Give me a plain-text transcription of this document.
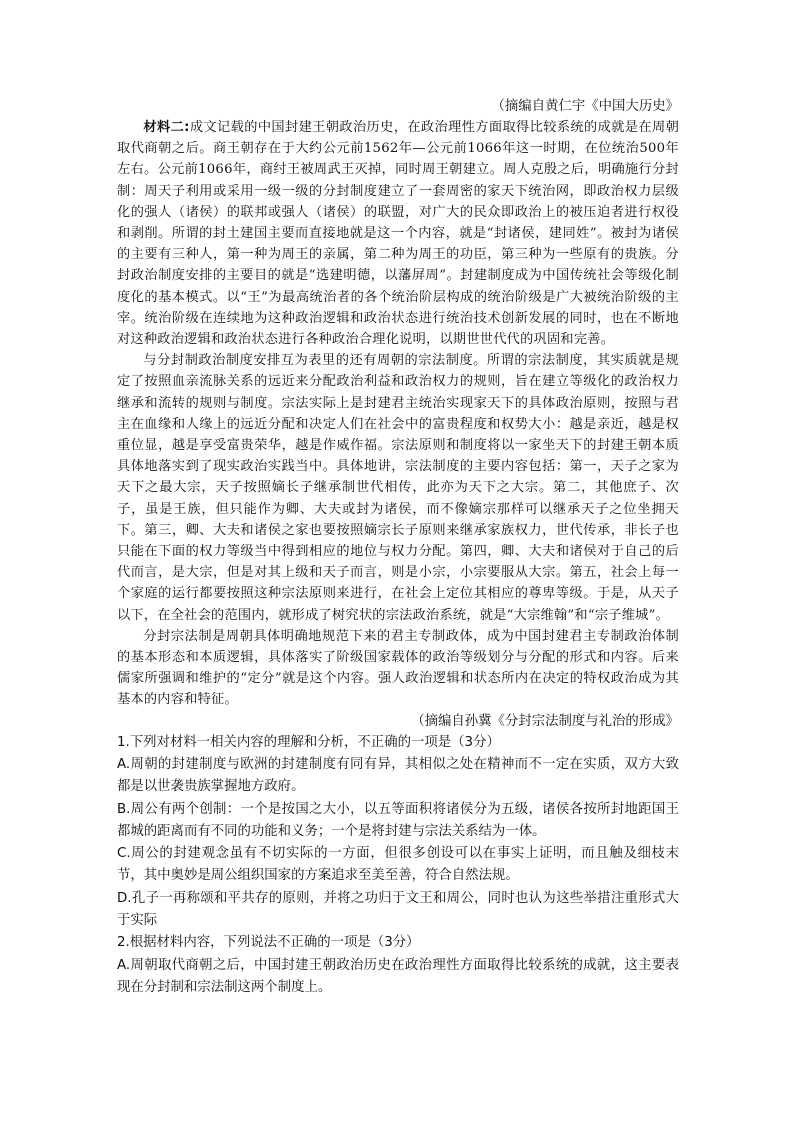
（摘编自黄仁宇《中国大历史》

材料二:成文记载的中国封建王朝政治历史，在政治理性方面取得比较系统的成就是在周朝取代商朝之后。商王朝存在于大约公元前1562年—公元前1066年这一时期，在位统治500年左右。公元前1066年，商纣王被周武王灭掉，同时周王朝建立。周人克殷之后，明确施行分封制：周天子利用或采用一级一级的分封制度建立了一套周密的家天下统治网，即政治权力层级化的强人（诸侯）的联邦或强人（诸侯）的联盟，对广大的民众即政治上的被压迫者进行权役和剥削。所谓的封土建国主要而直接地就是这一个内容，就是“封诸侯，建同姓”。被封为诸侯的主要有三种人，第一种为周王的亲属，第二种为周王的功臣，第三种为一些原有的贵族。分封政治制度安排的主要目的就是“选建明德，以藩屏周”。封建制度成为中国传统社会等级化制度化的基本模式。以“王”为最高统治者的各个统治阶层构成的统治阶级是广大被统治阶级的主宰。统治阶级在连续地为这种政治逻辑和政治状态进行统治技术创新发展的同时，也在不断地对这种政治逻辑和政治状态进行各种政治合理化说明，以期世世代代的巩固和完善。

与分封制政治制度安排互为表里的还有周朝的宗法制度。所谓的宗法制度，其实质就是规定了按照血亲流脉关系的远近来分配政治利益和政治权力的规则，旨在建立等级化的政治权力继承和流转的规则与制度。宗法实际上是封建君主统治实现家天下的具体政治原则，按照与君主在血缘和人缘上的远近分配和决定人们在社会中的富贵程度和权势大小：越是亲近，越是权重位显，越是享受富贵荣华，越是作威作福。宗法原则和制度将以一家坐天下的封建王朝本质具体地落实到了现实政治实践当中。具体地讲，宗法制度的主要内容包括：第一，天子之家为天下之最大宗，天子按照嫡长子继承制世代相传，此亦为天下之大宗。第二，其他庶子、次子，虽是王族，但只能作为卿、大夫或封为诸侯，而不像嫡宗那样可以继承天子之位坐拥天下。第三，卿、大夫和诸侯之家也要按照嫡宗长子原则来继承家族权力，世代传承，非长子也只能在下面的权力等级当中得到相应的地位与权力分配。第四，卿、大夫和诸侯对于自己的后代而言，是大宗，但是对其上级和天子而言，则是小宗，小宗要服从大宗。第五，社会上每一个家庭的运行都要按照这种宗法原则来进行，在社会上定位其相应的尊卑等级。于是，从天子以下，在全社会的范围内，就形成了树究状的宗法政治系统，就是“大宗维翰”和“宗子维城”。

分封宗法制是周朝具体明确地规范下来的君主专制政体，成为中国封建君主专制政治体制的基本形态和本质逻辑，具体落实了阶级国家载体的政治等级划分与分配的形式和内容。后来儒家所强调和维护的“定分”就是这个内容。强人政治逻辑和状态所内在决定的特权政治成为其基本的内容和特征。

（摘编自孙冀《分封宗法制度与礼治的形成》

1.下列对材料一相关内容的理解和分析，不正确的一项是（3分）

A.周朝的封建制度与欧洲的封建制度有同有异，其相似之处在精神而不一定在实质，双方大致都是以世袭贵族掌握地方政府。

B.周公有两个创制：一个是按国之大小，以五等面积将诸侯分为五级，诸侯各按所封地距国王都城的距离而有不同的功能和义务；一个是将封建与宗法关系结为一体。

C.周公的封建观念虽有不切实际的一方面，但很多创设可以在事实上证明，而且触及细枝末节，其中奥妙是周公组织国家的方案追求至美至善，符合自然法规。

D.孔子一再称颂和平共存的原则，并将之功归于文王和周公，同时也认为这些举措注重形式大于实际

2.根据材料内容，下列说法不正确的一项是（3分）

A.周朝取代商朝之后，中国封建王朝政治历史在政治理性方面取得比较系统的成就，这主要表现在分封制和宗法制这两个制度上。
